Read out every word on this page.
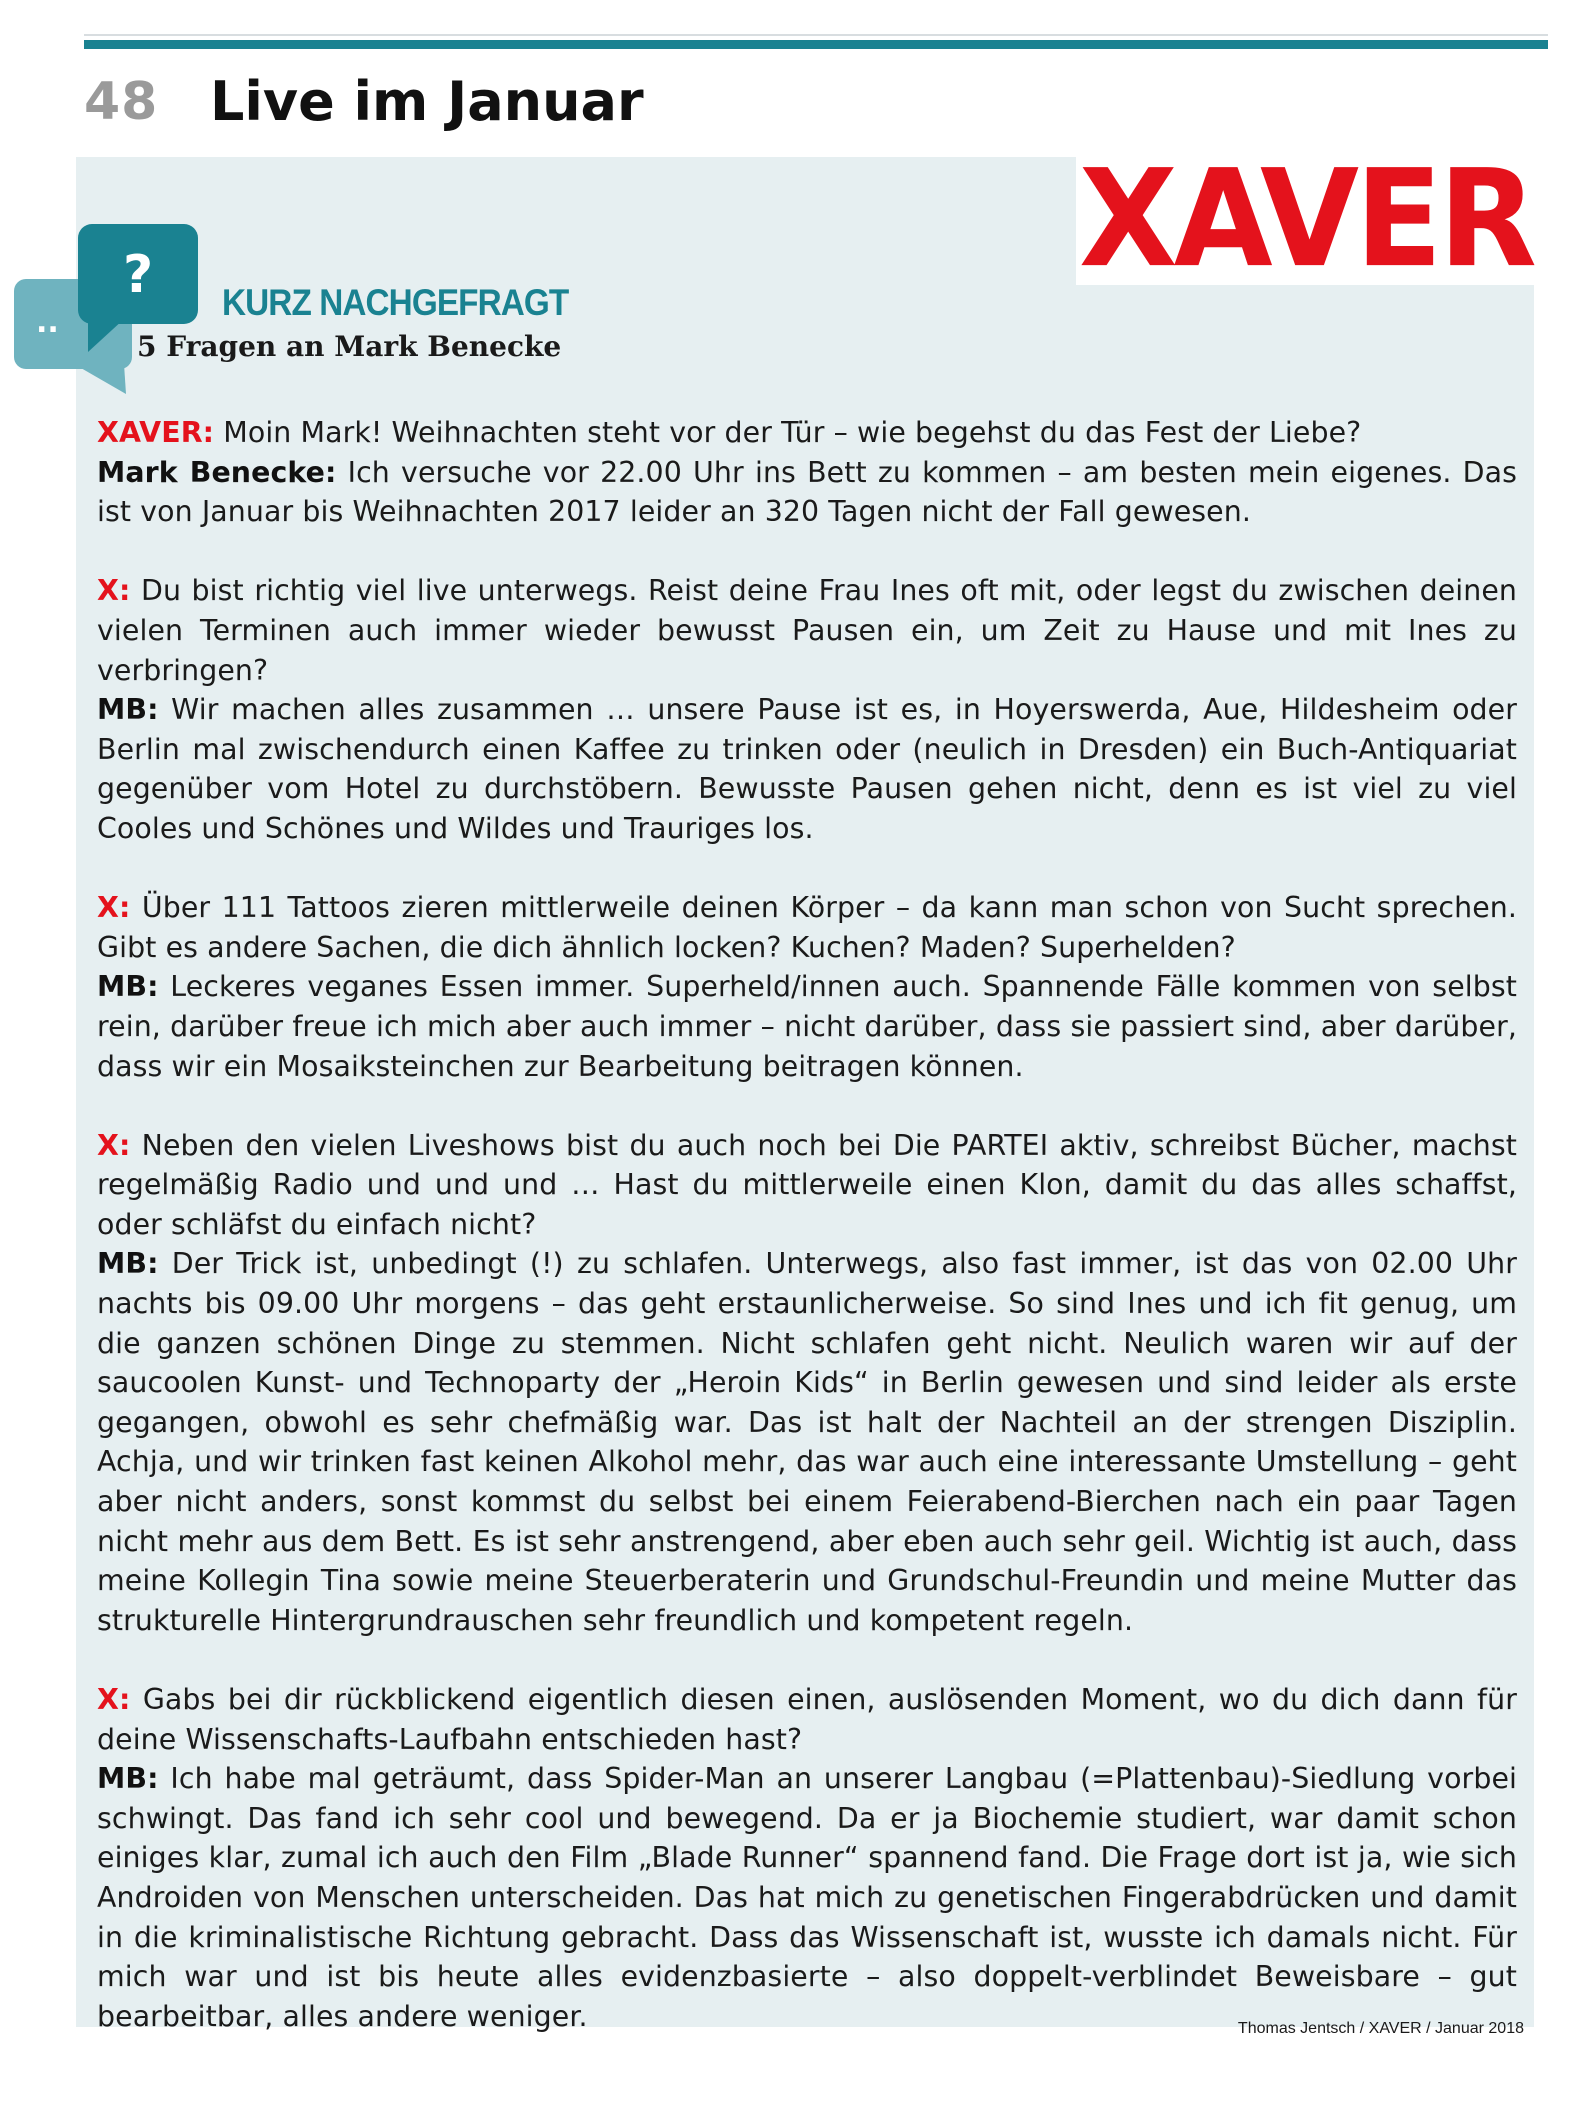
48 Live im Januar
XAVER
..
? KURZ NACHGEFRAGT
5 Fragen an Mark Benecke

XAVER: Moin Mark! Weihnachten steht vor der Tür – wie begehst du das Fest der Liebe?

Mark Benecke: Ich versuche vor 22.00 Uhr ins Bett zu kommen – am besten mein eigenes. Das ist von Januar bis Weihnachten 2017 leider an 320 Tagen nicht der Fall gewesen.

X: Du bist richtig viel live unterwegs. Reist deine Frau Ines oft mit, oder legst du zwischen deinen vielen Terminen auch immer wieder bewusst Pausen ein, um Zeit zu Hause und mit Ines zu verbringen?

MB: Wir machen alles zusammen … unsere Pause ist es, in Hoyerswerda, Aue, Hildesheim oder Berlin mal zwischendurch einen Kaffee zu trinken oder (neulich in Dresden) ein Buch-Antiquariat gegenüber vom Hotel zu durchstöbern. Bewusste Pausen gehen nicht, denn es ist viel zu viel Cooles und Schönes und Wildes und Trauriges los.

X: Über 111 Tattoos zieren mittlerweile deinen Körper – da kann man schon von Sucht sprechen. Gibt es andere Sachen, die dich ähnlich locken? Kuchen? Maden? Superhelden?

MB: Leckeres veganes Essen immer. Superheld/innen auch. Spannende Fälle kommen von selbst rein, darüber freue ich mich aber auch immer – nicht darüber, dass sie passiert sind, aber darüber, dass wir ein Mosaiksteinchen zur Bearbeitung beitragen können.

X: Neben den vielen Liveshows bist du auch noch bei Die PARTEI aktiv, schreibst Bücher, machst regelmäßig Radio und und und … Hast du mittlerweile einen Klon, damit du das alles schaffst, oder schläfst du einfach nicht?

MB: Der Trick ist, unbedingt (!) zu schlafen. Unterwegs, also fast immer, ist das von 02.00 Uhr nachts bis 09.00 Uhr morgens – das geht erstaunlicherweise. So sind Ines und ich fit genug, um die ganzen schönen Dinge zu stemmen. Nicht schlafen geht nicht. Neulich waren wir auf der saucoolen Kunst- und Technoparty der „Heroin Kids“ in Berlin gewesen und sind leider als erste gegangen, obwohl es sehr chefmäßig war. Das ist halt der Nachteil an der strengen Disziplin. Achja, und wir trinken fast keinen Alkohol mehr, das war auch eine interessante Umstellung – geht aber nicht anders, sonst kommst du selbst bei einem Feierabend-Bierchen nach ein paar Tagen nicht mehr aus dem Bett. Es ist sehr anstrengend, aber eben auch sehr geil. Wichtig ist auch, dass meine Kollegin Tina sowie meine Steuerberaterin und Grundschul-Freundin und meine Mutter das strukturelle Hintergrundrauschen sehr freundlich und kompetent regeln.

X: Gabs bei dir rückblickend eigentlich diesen einen, auslösenden Moment, wo du dich dann für deine Wissenschafts-Laufbahn entschieden hast?

MB: Ich habe mal geträumt, dass Spider-Man an unserer Langbau (=Plattenbau)-Siedlung vorbei schwingt. Das fand ich sehr cool und bewegend. Da er ja Biochemie studiert, war damit schon einiges klar, zumal ich auch den Film „Blade Runner“ spannend fand. Die Frage dort ist ja, wie sich Androiden von Menschen unterscheiden. Das hat mich zu genetischen Fingerabdrücken und damit in die kriminalistische Richtung gebracht. Dass das Wissenschaft ist, wusste ich damals nicht. Für mich war und ist bis heute alles evidenzbasierte – also doppelt-verblindet Beweisbare – gut bearbeitbar, alles andere weniger.	Thomas Jentsch / XAVER / Januar 2018
